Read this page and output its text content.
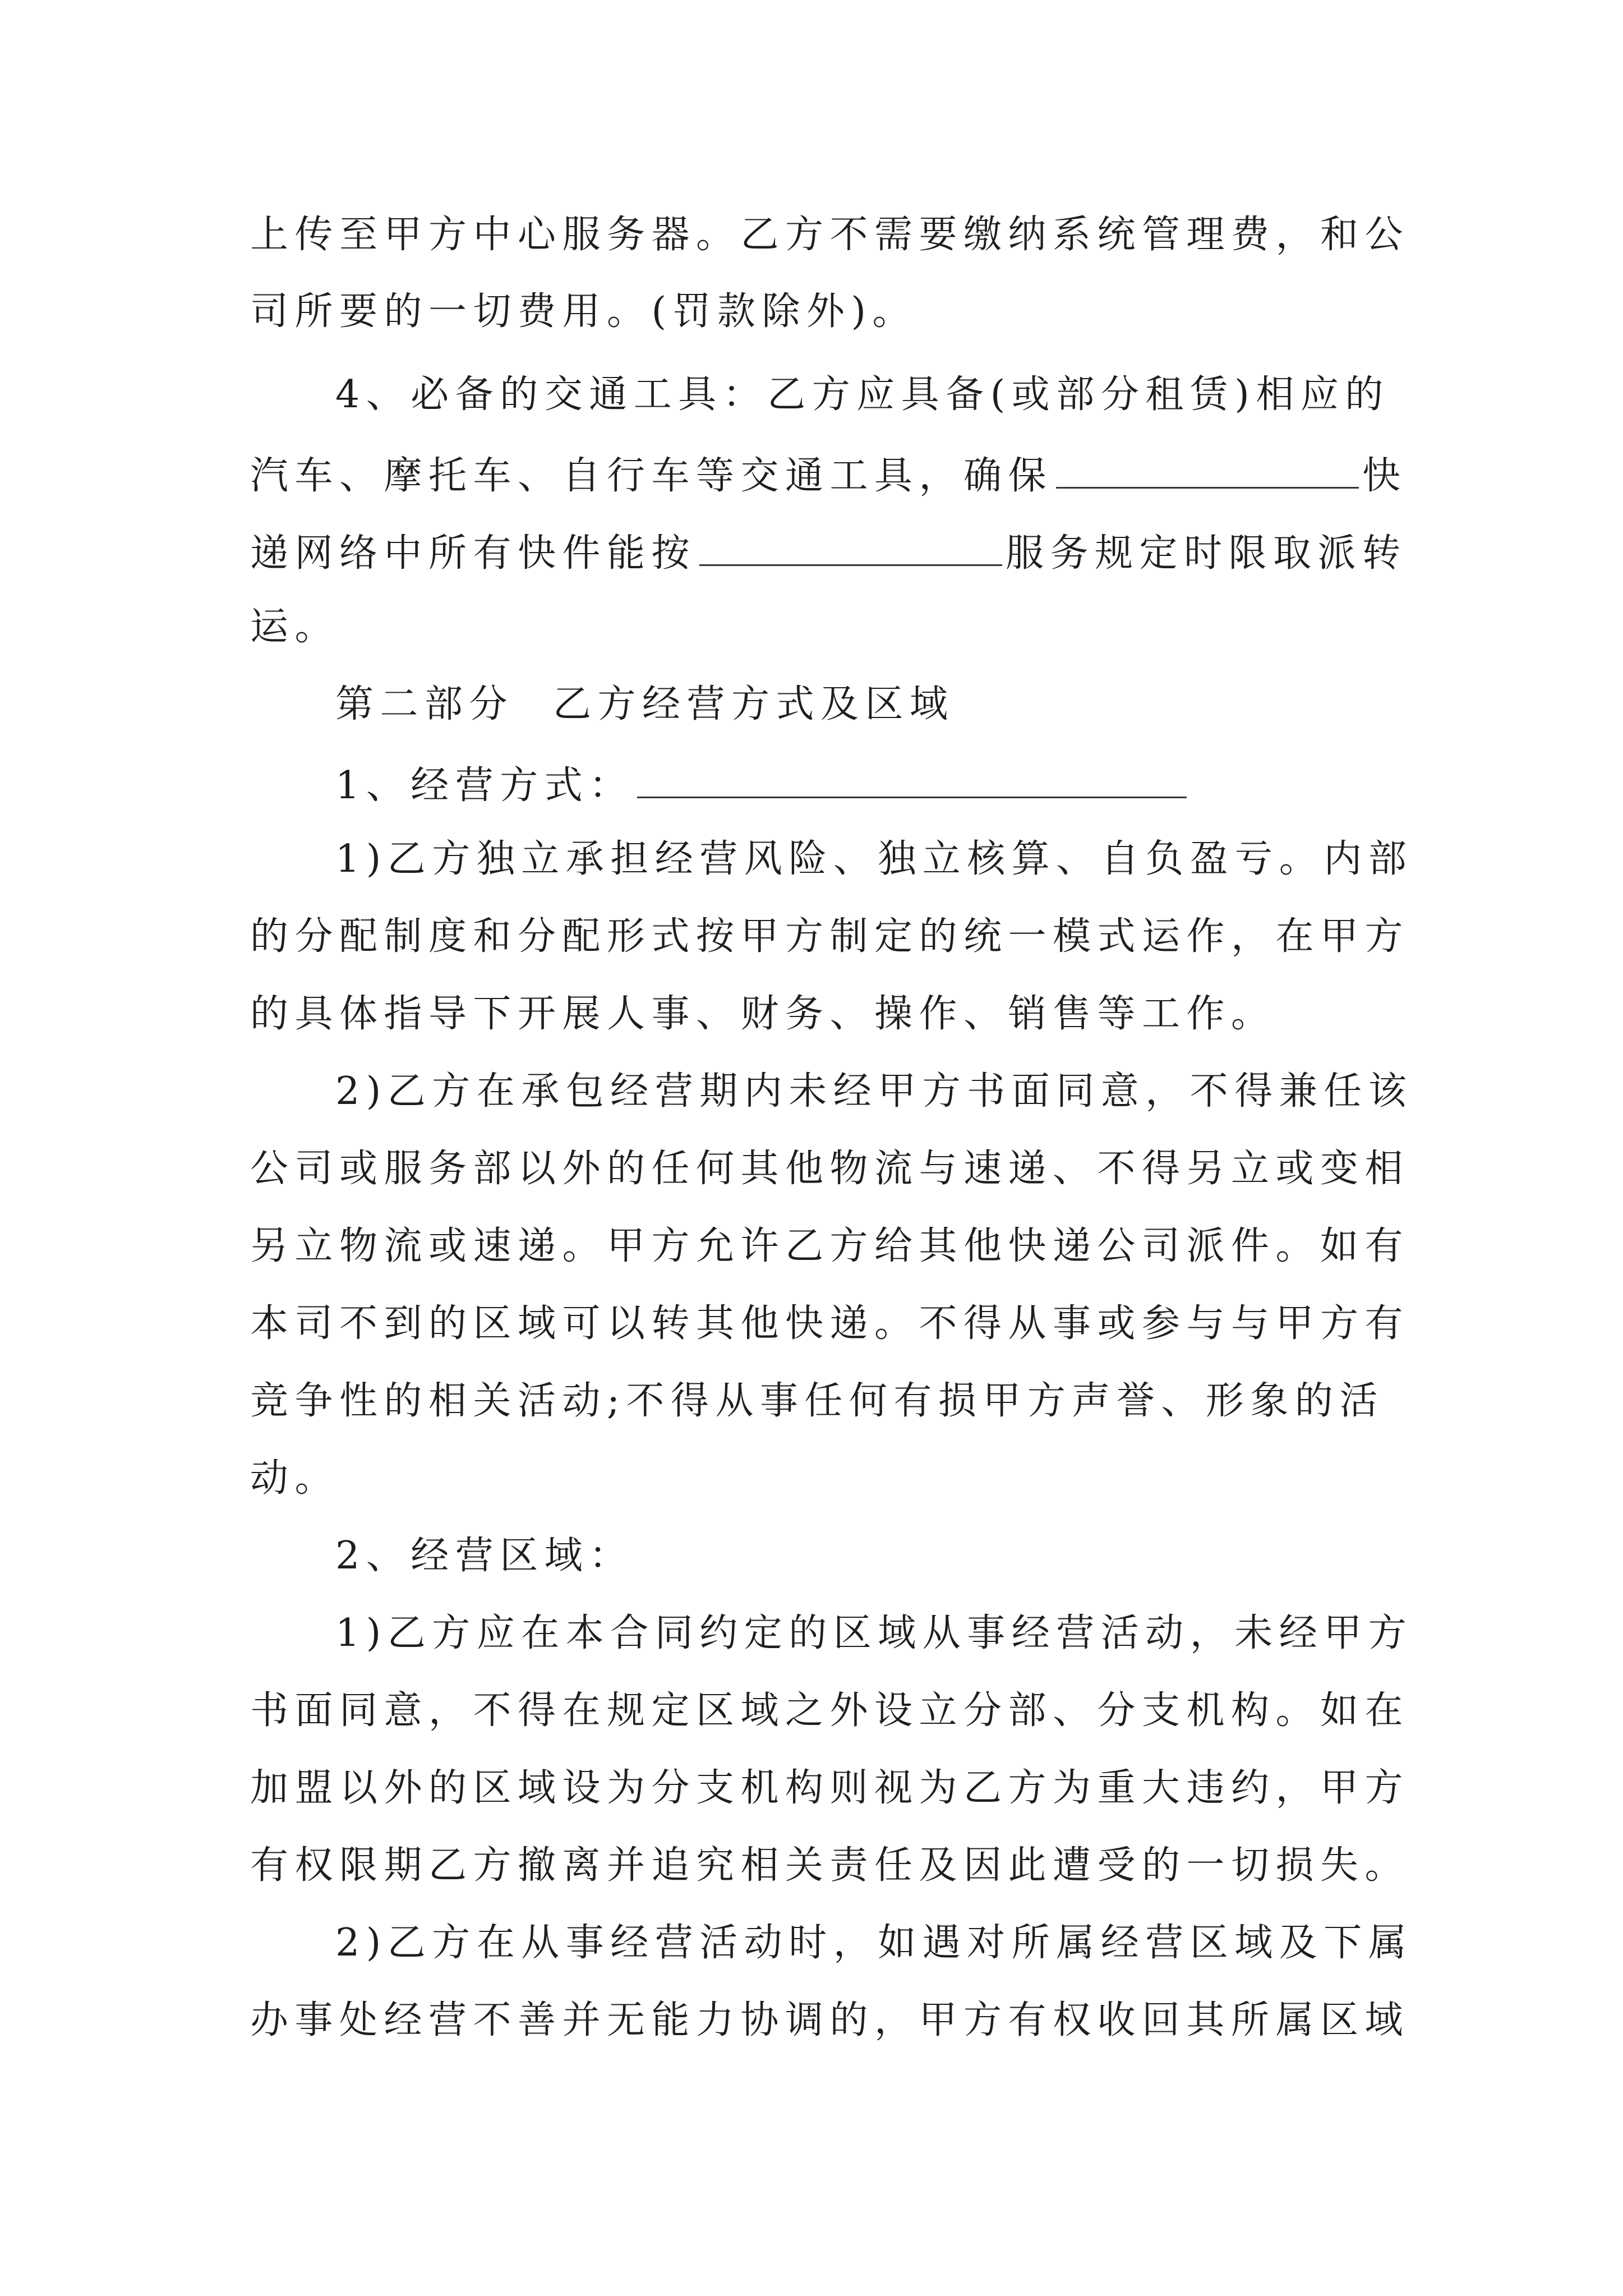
上传至甲方中心服务器。乙方不需要缴纳系统管理费，和公
司所要的一切费用。(罚款除外)。
4、必备的交通工具：乙方应具备(或部分租赁)相应的
汽车、摩托车、自行车等交通工具，确保	快
递网络中所有快件能按	服务规定时限取派转
运。
第二部分 乙方经营方式及区域
1、经营方式：
1)乙方独立承担经营风险、独立核算、自负盈亏。内部
的分配制度和分配形式按甲方制定的统一模式运作，在甲方
的具体指导下开展人事、财务、操作、销售等工作。
2)乙方在承包经营期内未经甲方书面同意，不得兼任该
公司或服务部以外的任何其他物流与速递、不得另立或变相
另立物流或速递。甲方允许乙方给其他快递公司派件。如有
本司不到的区域可以转其他快递。不得从事或参与与甲方有
竞争性的相关活动;不得从事任何有损甲方声誉、形象的活
动。
2、经营区域：
1)乙方应在本合同约定的区域从事经营活动，未经甲方
书面同意，不得在规定区域之外设立分部、分支机构。如在
加盟以外的区域设为分支机构则视为乙方为重大违约，甲方
有权限期乙方撤离并追究相关责任及因此遭受的一切损失。
2)乙方在从事经营活动时，如遇对所属经营区域及下属
办事处经营不善并无能力协调的，甲方有权收回其所属区域
